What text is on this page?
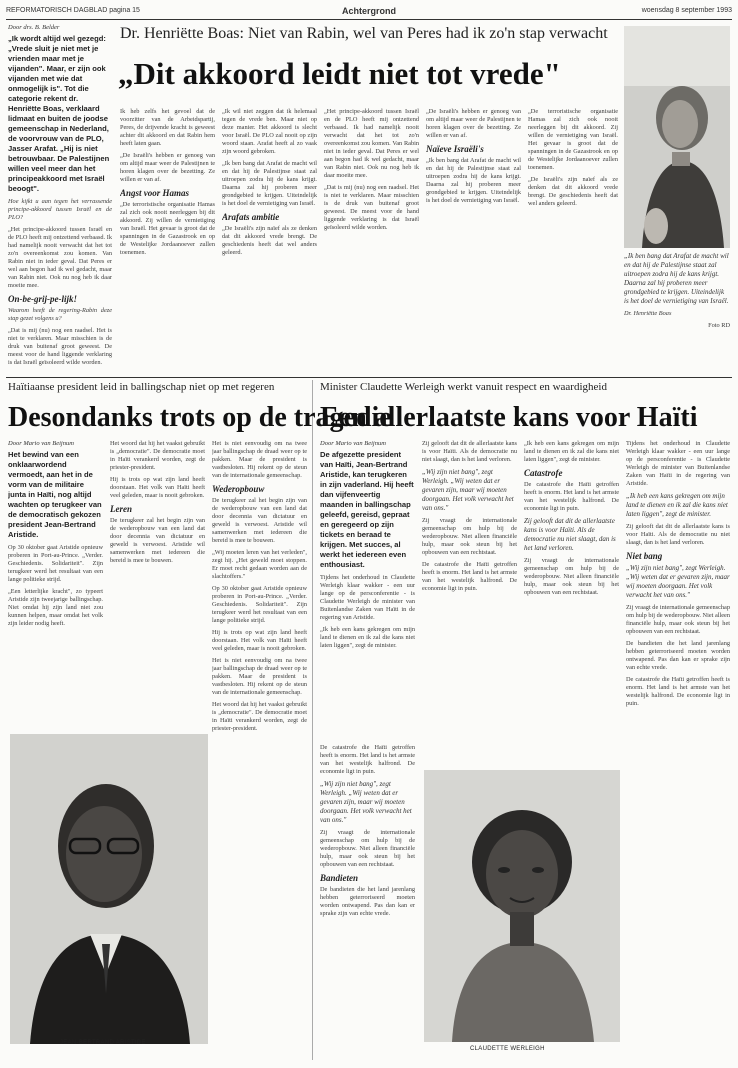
REFORMATORISCH DAGBLAD pagina 15	Achtergrond	woensdag 8 september 1993

Door drs. B. Belder

„Ik wordt altijd wel gezegd: „Vrede sluit je niet met je vrienden maar met je vijanden". Maar, er zijn ook vijanden met wie dat onmogelijk is". Tot die categorie rekent dr. Henriëtte Boas, verklaard lidmaat en buiten de joodse gemeenschap in Nederland, de voorvrouw van de PLO, Jasser Arafat. „Hij is niet betrouwbaar. De Palestijnen willen veel meer dan het principeakkoord met Israël beoogt".

Hoe kijkt u aan tegen het verrassende principe-akkoord tussen Israël en de PLO?

„Het principe-akkoord tussen Israël en de PLO heeft mij ontzettend verbaasd. Ik had namelijk nooit verwacht dat het tot zo'n overeenkomst zou komen. Van Rabin niet in ieder geval. Dat Peres er wel aan begon had ik wel gedacht, maar van Rabin niet. Ook nu nog heb ik daar moeite mee.

On-be-grij-pe-lijk!

Waarom heeft de regering-Rabin deze stap gezet volgens u?

„Dat is mij (nu) nog een raadsel. Het is niet te verklaren. Maar misschien is de druk van buitenaf groot geweest. De meest voor de hand liggende verklaring is dat Israël geïsoleerd wilde worden.

Dr. Henriëtte Boas: Niet van Rabin, wel van Peres had ik zo'n stap verwacht
„Dit akkoord leidt niet tot vrede"

Ik heb zelfs het gevoel dat de voorzitter van de Arbeidspartij, Peres, de drijvende kracht is geweest achter dit akkoord en dat Rabin hem heeft laten gaan.

„De Israëli's hebben er genoeg van om altijd maar weer de Palestijnen te horen klagen over de bezetting. Ze willen er van af.

Angst voor Hamas

„De terroristische organisatie Hamas zal zich ook nooit neerleggen bij dit akkoord. Zij willen de vernietiging van Israël. Het gevaar is groot dat de spanningen in de Gazastrook en op de Westelijke Jordaanoever zullen toenemen.

„Ik wil niet zeggen dat ik helemaal tegen de vrede ben. Maar niet op deze manier. Het akkoord is slecht voor Israël. De PLO zal nooit op zijn woord staan. Arafat heeft al zo vaak zijn woord gebroken.

„Ik ben bang dat Arafat de macht wil en dat hij de Palestijnse staat zal uitroepen zodra hij de kans krijgt. Daarna zal hij proberen meer grondgebied te krijgen. Uiteindelijk is het doel de vernietiging van Israël.

Arafats ambitie

„De Israëli's zijn naïef als ze denken dat dit akkoord vrede brengt. De geschiedenis heeft dat wel anders geleerd.

„Het principe-akkoord tussen Israël en de PLO heeft mij ontzettend verbaasd. Ik had namelijk nooit verwacht dat het tot zo'n overeenkomst zou komen. Van Rabin niet in ieder geval. Dat Peres er wel aan begon had ik wel gedacht, maar van Rabin niet. Ook nu nog heb ik daar moeite mee.

„Dat is mij (nu) nog een raadsel. Het is niet te verklaren. Maar misschien is de druk van buitenaf groot geweest. De meest voor de hand liggende verklaring is dat Israël geïsoleerd wilde worden.

„De Israëli's hebben er genoeg van om altijd maar weer de Palestijnen te horen klagen over de bezetting. Ze willen er van af.

Naïeve Israëli's

„Ik ben bang dat Arafat de macht wil en dat hij de Palestijnse staat zal uitroepen zodra hij de kans krijgt. Daarna zal hij proberen meer grondgebied te krijgen. Uiteindelijk is het doel de vernietiging van Israël.

„De terroristische organisatie Hamas zal zich ook nooit neerleggen bij dit akkoord. Zij willen de vernietiging van Israël. Het gevaar is groot dat de spanningen in de Gazastrook en op de Westelijke Jordaanoever zullen toenemen.

„De Israëli's zijn naïef als ze denken dat dit akkoord vrede brengt. De geschiedenis heeft dat wel anders geleerd.

„Ik ben bang dat Arafat de macht wil en dat hij de Palestijnse staat zal uitroepen zodra hij de kans krijgt. Daarna zal hij proberen meer grondgebied te krijgen. Uiteindelijk is het doel de vernietiging van Israël.

Dr. Henriëtte Boas

Foto RD

Haïtiaanse president leid in ballingschap niet op met regeren
Desondanks trots op de tragedie

Door Mario van Beijnum

Het bewind van een onklaarwordend vermoedt, aan het in de vorm van de militaire junta in Haïti, nog altijd wachten op terugkeer van de democratisch gekozen president Jean-Bertrand Aristide.

Op 30 oktober gaat Aristide opnieuw proberen in Port-au-Prince. „Verder. Geschiedenis. Solidariteit". Zijn terugkeer werd het resultaat van een lange politieke strijd.

„Een letterlijke kracht", zo typeert Aristide zijn tweejarige ballingschap. Niet omdat hij zijn land niet zou kunnen helpen, maar omdat het volk zijn leider nodig heeft.

Het woord dat hij het vaakst gebruikt is „democratie". De democratie moet in Haïti verankerd worden, zegt de priester-president.

Hij is trots op wat zijn land heeft doorstaan. Het volk van Haïti heeft veel geleden, maar is nooit gebroken.

Leren

De terugkeer zal het begin zijn van de wederopbouw van een land dat door decennia van dictatuur en geweld is verwoest. Aristide wil samenwerken met iedereen die bereid is mee te bouwen.

Het is niet eenvoudig om na twee jaar ballingschap de draad weer op te pakken. Maar de president is vastbesloten. Hij rekent op de steun van de internationale gemeenschap.

Wederopbouw

De terugkeer zal het begin zijn van de wederopbouw van een land dat door decennia van dictatuur en geweld is verwoest. Aristide wil samenwerken met iedereen die bereid is mee te bouwen.

„Wij moeten leren van het verleden", zegt hij. „Het geweld moet stoppen. Er moet recht gedaan worden aan de slachtoffers."

Op 30 oktober gaat Aristide opnieuw proberen in Port-au-Prince. „Verder. Geschiedenis. Solidariteit". Zijn terugkeer werd het resultaat van een lange politieke strijd.

Hij is trots op wat zijn land heeft doorstaan. Het volk van Haïti heeft veel geleden, maar is nooit gebroken.

Het is niet eenvoudig om na twee jaar ballingschap de draad weer op te pakken. Maar de president is vastbesloten. Hij rekent op de steun van de internationale gemeenschap.

Het woord dat hij het vaakst gebruikt is „democratie". De democratie moet in Haïti verankerd worden, zegt de priester-president.

JEAN-BERTRAND ARISTIDE
Minister Claudette Werleigh werkt vanuit respect en waardigheid
Een allerlaatste kans voor Haïti

Door Mario van Beijnum

De afgezette president van Haïti, Jean-Bertrand Aristide, kan terugkeren in zijn vaderland. Hij heeft dan vijfenveertig maanden in ballingschap geleefd, gereisd, gepraat en geregeerd op zijn tickets en beraad te krijgen. Met succes, al werkt het iedereen even enthousiast.

Tijdens het onderhoud in Claudette Werleigh klaar wakker - een uur lange op de persconferentie - is Claudette Werleigh de minister van Buitenlandse Zaken van Haïti in de regering van Aristide.

„Ik heb een kans gekregen om mijn land te dienen en ik zal die kans niet laten liggen", zegt de minister.

Zij gelooft dat dit de allerlaatste kans is voor Haïti. Als de democratie nu niet slaagt, dan is het land verloren.

„Wij zijn niet bang", zegt Werleigh. „Wij weten dat er gevaren zijn, maar wij moeten doorgaan. Het volk verwacht het van ons."

Zij vraagt de internationale gemeenschap om hulp bij de wederopbouw. Niet alleen financiële hulp, maar ook steun bij het opbouwen van een rechtstaat.

De catastrofe die Haïti getroffen heeft is enorm. Het land is het armste van het westelijk halfrond. De economie ligt in puin.

„Ik heb een kans gekregen om mijn land te dienen en ik zal die kans niet laten liggen", zegt de minister.

Catastrofe

De catastrofe die Haïti getroffen heeft is enorm. Het land is het armste van het westelijk halfrond. De economie ligt in puin.

Zij gelooft dat dit de allerlaatste kans is voor Haïti. Als de democratie nu niet slaagt, dan is het land verloren.

Zij vraagt de internationale gemeenschap om hulp bij de wederopbouw. Niet alleen financiële hulp, maar ook steun bij het opbouwen van een rechtstaat.

Tijdens het onderhoud in Claudette Werleigh klaar wakker - een uur lange op de persconferentie - is Claudette Werleigh de minister van Buitenlandse Zaken van Haïti in de regering van Aristide.

„Ik heb een kans gekregen om mijn land te dienen en ik zal die kans niet laten liggen", zegt de minister.

Zij gelooft dat dit de allerlaatste kans is voor Haïti. Als de democratie nu niet slaagt, dan is het land verloren.

Niet bang

„Wij zijn niet bang", zegt Werleigh. „Wij weten dat er gevaren zijn, maar wij moeten doorgaan. Het volk verwacht het van ons."

Zij vraagt de internationale gemeenschap om hulp bij de wederopbouw. Niet alleen financiële hulp, maar ook steun bij het opbouwen van een rechtstaat.

De bandieten die het land jarenlang hebben geterroriseerd moeten worden ontwapend. Pas dan kan er sprake zijn van echte vrede.

De catastrofe die Haïti getroffen heeft is enorm. Het land is het armste van het westelijk halfrond. De economie ligt in puin.

De catastrofe die Haïti getroffen heeft is enorm. Het land is het armste van het westelijk halfrond. De economie ligt in puin.

„Wij zijn niet bang", zegt Werleigh. „Wij weten dat er gevaren zijn, maar wij moeten doorgaan. Het volk verwacht het van ons."

Zij vraagt de internationale gemeenschap om hulp bij de wederopbouw. Niet alleen financiële hulp, maar ook steun bij het opbouwen van een rechtstaat.

Bandieten

De bandieten die het land jarenlang hebben geterroriseerd moeten worden ontwapend. Pas dan kan er sprake zijn van echte vrede.

CLAUDETTE WERLEIGH
